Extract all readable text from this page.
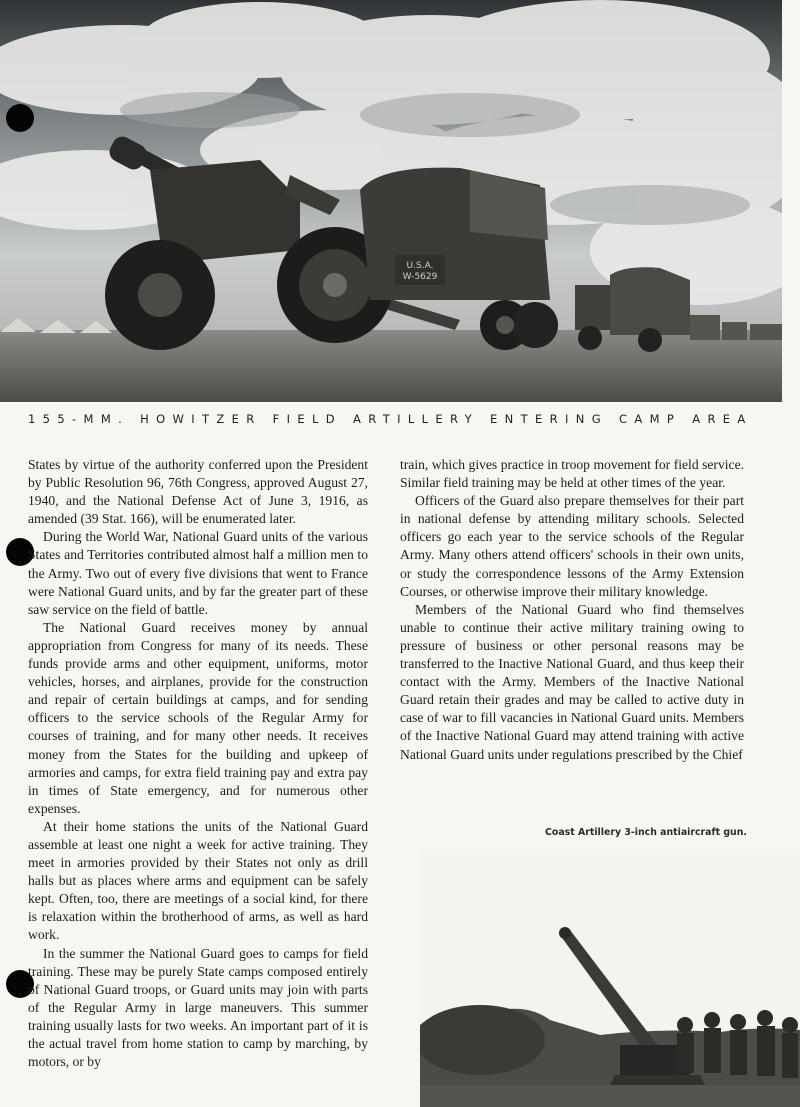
U.S.A.
W-5629
155-MM. HOWITZER FIELD ARTILLERY ENTERING CAMP AREA

States by virtue of the authority conferred upon the President by Public Resolution 96, 76th Congress, approved August 27, 1940, and the National Defense Act of June 3, 1916, as amended (39 Stat. 166), will be enumerated later.

During the World War, National Guard units of the various States and Territories contributed almost half a million men to the Army. Two out of every five divisions that went to France were National Guard units, and by far the greater part of these saw service on the field of battle.

The National Guard receives money by annual appropriation from Congress for many of its needs. These funds provide arms and other equipment, uniforms, motor vehicles, horses, and airplanes, provide for the construction and repair of certain buildings at camps, and for sending officers to the service schools of the Regular Army for courses of training, and for many other needs. It receives money from the States for the building and upkeep of armories and camps, for extra field training pay and extra pay in times of State emergency, and for numerous other expenses.

At their home stations the units of the National Guard assemble at least one night a week for active training. They meet in armories provided by their States not only as drill halls but as places where arms and equipment can be safely kept. Often, too, there are meetings of a social kind, for there is relaxation within the brotherhood of arms, as well as hard work.

In the summer the National Guard goes to camps for field training. These may be purely State camps composed entirely of National Guard troops, or Guard units may join with parts of the Regular Army in large maneuvers. This summer training usually lasts for two weeks. An important part of it is the actual travel from home station to camp by marching, by motors, or by

train, which gives practice in troop movement for field service. Similar field training may be held at other times of the year.

Officers of the Guard also prepare themselves for their part in national defense by attending military schools. Selected officers go each year to the service schools of the Regular Army. Many others attend officers' schools in their own units, or study the correspondence lessons of the Army Extension Courses, or otherwise improve their military knowledge.

Members of the National Guard who find themselves unable to continue their active military training owing to pressure of business or other personal reasons may be transferred to the Inactive National Guard, and thus keep their contact with the Army. Members of the Inactive National Guard retain their grades and may be called to active duty in case of war to fill vacancies in National Guard units. Members of the Inactive National Guard may attend training with active National Guard units under regulations prescribed by the Chief

Coast Artillery 3-inch antiaircraft gun.
